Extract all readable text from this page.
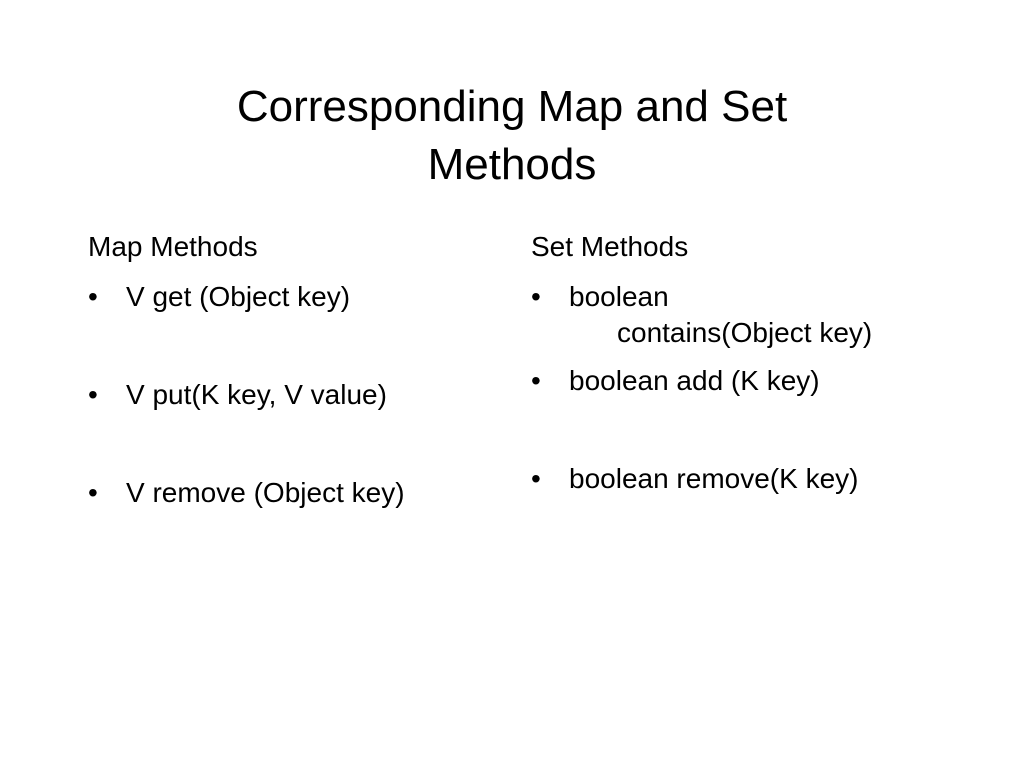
Corresponding Map and Set
Methods

Map Methods

•	V get (Object key)
•	V put(K key, V value)
•	V remove (Object key)

Set Methods

•	boolean
contains(Object key)
•	boolean add (K key)
•	boolean remove(K key)
